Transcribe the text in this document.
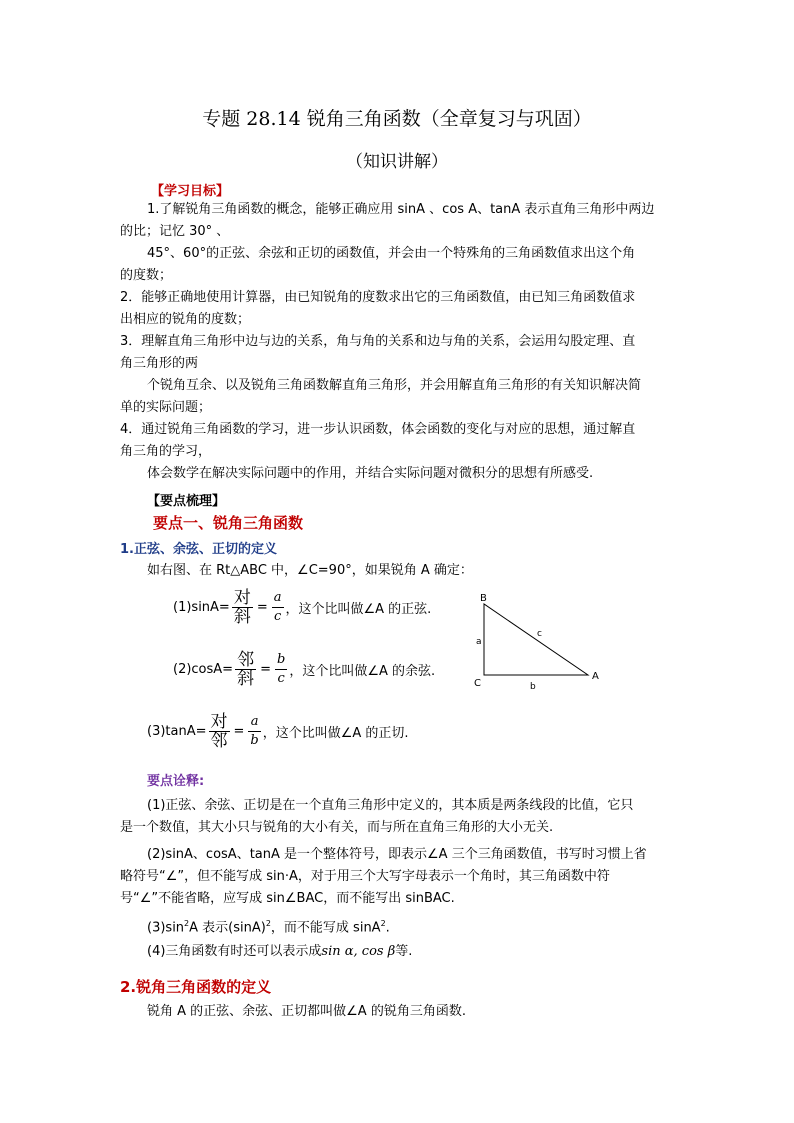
专题 28.14 锐角三角函数（全章复习与巩固）
（知识讲解）
【学习目标】
1.了解锐角三角函数的概念，能够正确应用 sinA 、cos A、tanA 表示直角三角形中两边
的比；记忆 30° 、
45°、60°的正弦、余弦和正切的函数值，并会由一个特殊角的三角函数值求出这个角
的度数；
2．能够正确地使用计算器，由已知锐角的度数求出它的三角函数值，由已知三角函数值求
出相应的锐角的度数；
3．理解直角三角形中边与边的关系，角与角的关系和边与角的关系，会运用勾股定理、直
角三角形的两
个锐角互余、以及锐角三角函数解直角三角形，并会用解直角三角形的有关知识解决简
单的实际问题；
4．通过锐角三角函数的学习，进一步认识函数，体会函数的变化与对应的思想，通过解直
角三角的学习，
体会数学在解决实际问题中的作用，并结合实际问题对微积分的思想有所感受.
【要点梳理】
要点一、锐角三角函数
1.正弦、余弦、正切的定义
如右图、在 Rt△ABC 中，∠C=90°，如果锐角 A 确定：
$(1)\sin A= \frac{\text{对}}{\text{斜}} = \frac{a}{c}$ ，这个比叫做∠A 的正弦.
$(2)\cos A= \frac{\text{邻}}{\text{斜}} = \frac{b}{c}$ ，这个比叫做∠A 的余弦.
$(3)\tan A= \frac{\text{对}}{\text{邻}} = \frac{a}{b}$ ，这个比叫做∠A 的正切.
B
C
A
a
b
c
要点诠释:
(1)正弦、余弦、正切是在一个直角三角形中定义的，其本质是两条线段的比值，它只
是一个数值，其大小只与锐角的大小有关，而与所在直角三角形的大小无关.
(2)sinA、cosA、tanA 是一个整体符号，即表示∠A 三个三角函数值，书写时习惯上省
略符号“∠”，但不能写成 sin·A，对于用三个大写字母表示一个角时，其三角函数中符
号“∠”不能省略，应写成 sin∠BAC，而不能写出 sinBAC.
$(3)\sin^2A$ 表示$(\sin A)^2$，而不能写成 sinA$^2$.
(4)三角函数有时还可以表示成sin α, cos β等.
2.锐角三角函数的定义
锐角 A 的正弦、余弦、正切都叫做∠A 的锐角三角函数.
